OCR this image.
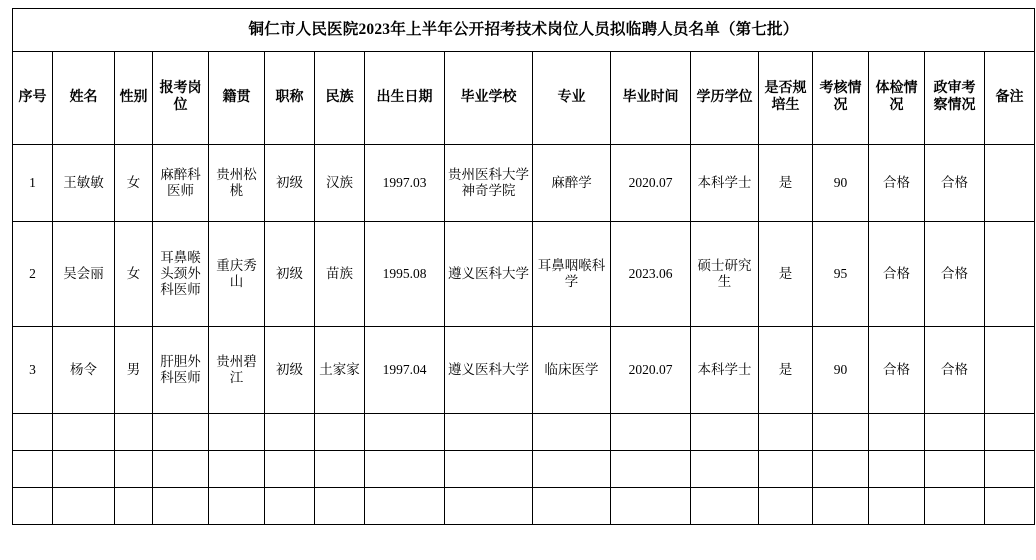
铜仁市人民医院2023年上半年公开招考技术岗位人员拟临聘人员名单（第七批）																
序号	姓名	性别	报考岗位	籍贯	职称	民族	出生日期	毕业学校	专业	毕业时间	学历学位	是否规培生	考核情况	体检情况	政审考察情况	备注
1	王敏敏	女	麻醉科医师	贵州松桃	初级	汉族	1997.03	贵州医科大学神奇学院	麻醉学	2020.07	本科学士	是	90	合格	合格	
2	吴会丽	女	耳鼻喉头颈外科医师	重庆秀山	初级	苗族	1995.08	遵义医科大学	耳鼻咽喉科学	2023.06	硕士研究生	是	95	合格	合格	
3	杨令	男	肝胆外科医师	贵州碧江	初级	土家家	1997.04	遵义医科大学	临床医学	2020.07	本科学士	是	90	合格	合格	
